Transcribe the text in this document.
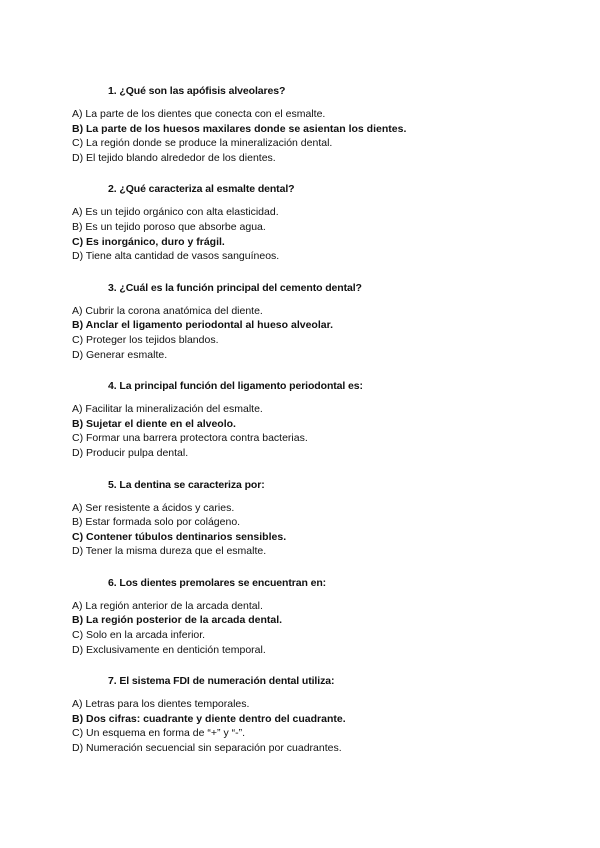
1. ¿Qué son las apófisis alveolares?
A) La parte de los dientes que conecta con el esmalte.
B) La parte de los huesos maxilares donde se asientan los dientes.
C) La región donde se produce la mineralización dental.
D) El tejido blando alrededor de los dientes.
2. ¿Qué caracteriza al esmalte dental?
A) Es un tejido orgánico con alta elasticidad.
B) Es un tejido poroso que absorbe agua.
C) Es inorgánico, duro y frágil.
D) Tiene alta cantidad de vasos sanguíneos.
3. ¿Cuál es la función principal del cemento dental?
A) Cubrir la corona anatómica del diente.
B) Anclar el ligamento periodontal al hueso alveolar.
C) Proteger los tejidos blandos.
D) Generar esmalte.
4. La principal función del ligamento periodontal es:
A) Facilitar la mineralización del esmalte.
B) Sujetar el diente en el alveolo.
C) Formar una barrera protectora contra bacterias.
D) Producir pulpa dental.
5. La dentina se caracteriza por:
A) Ser resistente a ácidos y caries.
B) Estar formada solo por colágeno.
C) Contener túbulos dentinarios sensibles.
D) Tener la misma dureza que el esmalte.
6. Los dientes premolares se encuentran en:
A) La región anterior de la arcada dental.
B) La región posterior de la arcada dental.
C) Solo en la arcada inferior.
D) Exclusivamente en dentición temporal.
7. El sistema FDI de numeración dental utiliza:
A) Letras para los dientes temporales.
B) Dos cifras: cuadrante y diente dentro del cuadrante.
C) Un esquema en forma de “+” y “-”.
D) Numeración secuencial sin separación por cuadrantes.
